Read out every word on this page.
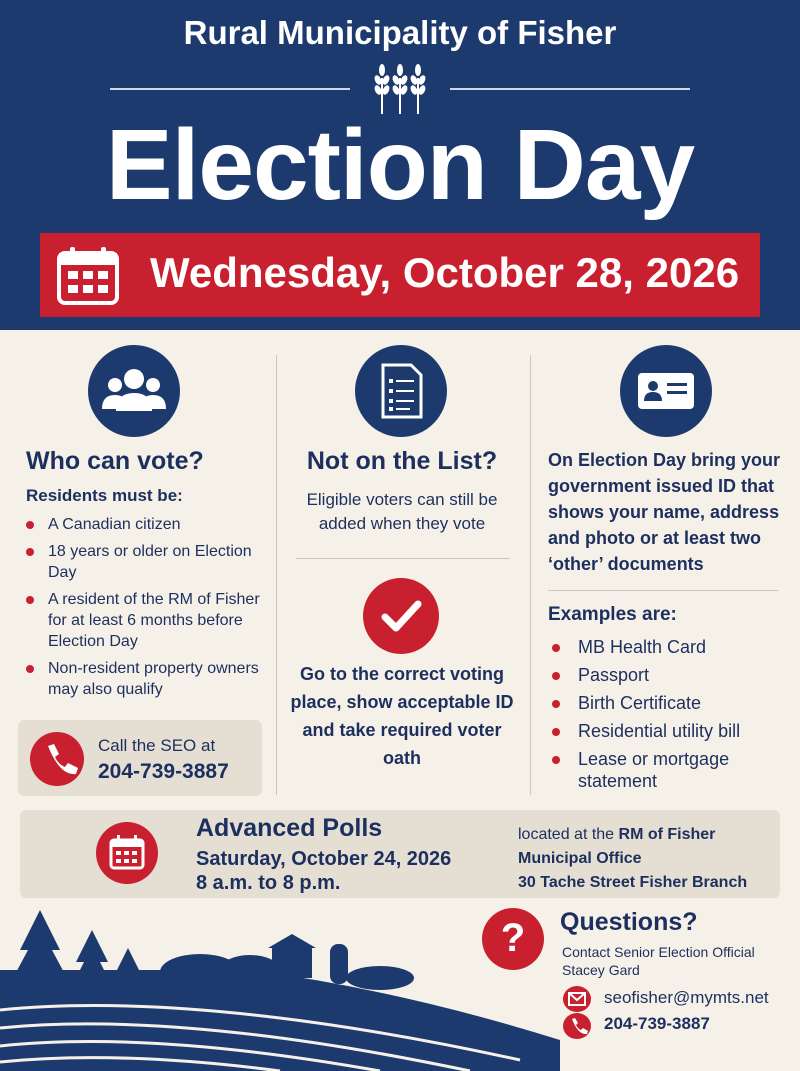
Rural Municipality of Fisher
Election Day
Wednesday, October 28, 2026
Who can vote?
Residents must be:
A Canadian citizen
18 years or older on Election Day
A resident of the RM of Fisher for at least 6 months before Election Day
Non-resident property owners may also qualify
Call the SEO at
204-739-3887
Not on the List?
Eligible voters can still be added when they vote
Go to the correct voting place, show acceptable ID and take required voter oath
On Election Day bring your government issued ID that shows your name, address and photo or at least two ‘other’ documents
Examples are:
MB Health Card
Passport
Birth Certificate
Residential utility bill
Lease or mortgage statement
Advanced Polls
Saturday, October 24, 2026
8 a.m. to 8 p.m.
located at the RM of Fisher
Municipal Office
30 Tache Street Fisher Branch
?	Questions?
Contact Senior Election Official
Stacey Gard
seofisher@mymts.net
204-739-3887
